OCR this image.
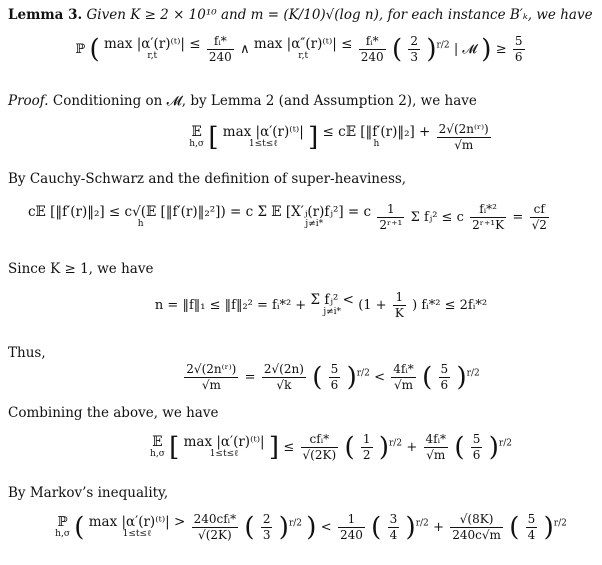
Lemma 3. Given K ≥ 2 × 10¹⁰ and m = (K/10)√(log n), for each instance B′ₖ, we have
ℙ ( max |α′(r)⁽ᵗ⁾| ≤
r,t
	$\frac{\text{fᵢ*}}{240}$ ∧ max |α″(r)⁽ᵗ⁾| ≤
r,t
	$\frac{\text{fᵢ*}}{240}$ ( $\frac{2}{3} )^{r/2}$ | 𝓜 ) ≥ $\frac{5}{6}$
Proof. Conditioning on 𝓜, by Lemma 2 (and Assumption 2), we have
𝔼
h,σ [ max |α′(r)⁽ᵗ⁾|
1≤t≤ℓ	] ≤ c𝔼 [‖f′(r)‖₂] +
h
	$\frac{\text{2√(2n⁽ʳ⁾)}}{√m}$
By Cauchy-Schwarz and the definition of super-heaviness,
c𝔼 [‖f′(r)‖₂] ≤ c√(𝔼 [‖f′(r)‖₂²]) = c
h

Σ 𝔼 [X′ⱼ(r)fⱼ²] = c
j≠i*
	$\frac{1}{\text{2ʳ⁺¹}}$ Σ fⱼ² ≤ c $\frac{\text{fᵢ*²}}{\text{2ʳ⁺¹K}} = \frac{cf}{√2}$
Since K ≥ 1, we have
n = ‖f‖₁ ≤ ‖f‖₂² = fᵢ*² + Σ fⱼ² <
j≠i*	($1 + \frac{1}{K}$ ) fᵢ*² ≤ 2fᵢ*²
Thus,
$\frac{\text{2√(2n⁽ʳ⁾)}}{√m} = \frac{2√(2n)}{√k}$ ( $\frac{5}{6} )^{r/2} < \frac{\text{4fᵢ*}}{√m}$ ( $\frac{5}{6} )^{r/2}$
Combining the above, we have
𝔼
h,σ [ max |α′(r)⁽ᵗ⁾|
1≤t≤ℓ	] ≤ $\frac{\text{cfᵢ*}}{√(2K)}$ ( $\frac{1}{2} )^{r/2} + \frac{\text{4fᵢ*}}{√m}$ ( $\frac{5}{6} )^{r/2}$
By Markov’s inequality,
ℙ
h,σ ( max |α′(r)⁽ᵗ⁾| >
1≤t≤ℓ
	$\frac{\text{240cfᵢ*}}{√(2K)}$ ( $\frac{2}{3} )^{r/2}$ ) < $\frac{1}{240}$ ( $\frac{3}{4} )^{r/2} + \frac{√(8K)}{240c√m}$ ( $\frac{5}{4} )^{r/2}$
